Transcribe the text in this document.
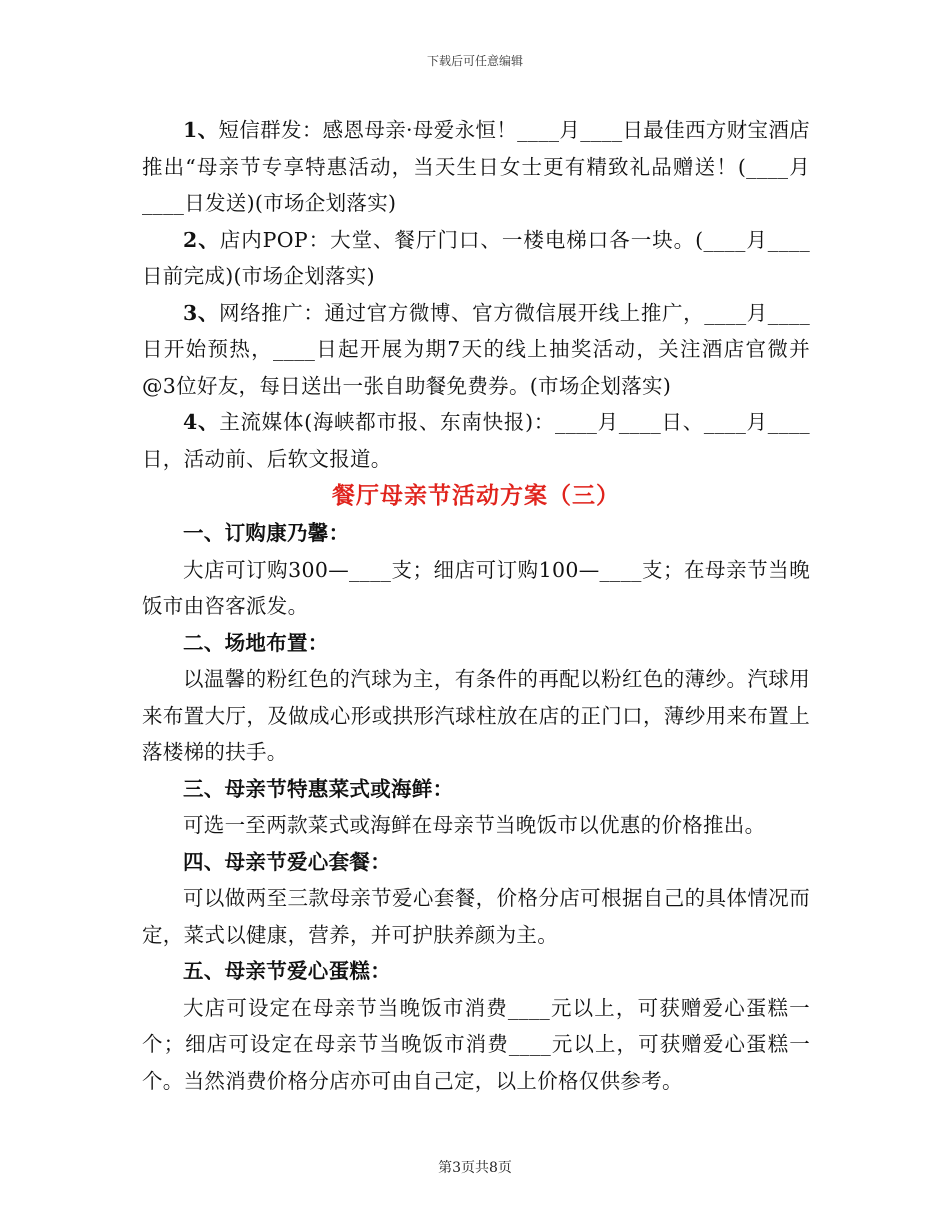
下载后可任意编辑

1、短信群发：感恩母亲·母爱永恒！____月____日最佳西方财宝酒店推出“母亲节专享特惠活动，当天生日女士更有精致礼品赠送！(____月____日发送)(市场企划落实)

2、店内POP：大堂、餐厅门口、一楼电梯口各一块。(____月____日前完成)(市场企划落实)

3、网络推广：通过官方微博、官方微信展开线上推广，____月____日开始预热，____日起开展为期7天的线上抽奖活动，关注酒店官微并@3位好友，每日送出一张自助餐免费券。(市场企划落实)

4、主流媒体(海峡都市报、东南快报)：____月____日、____月____日，活动前、后软文报道。

餐厅母亲节活动方案（三）

一、订购康乃馨：

大店可订购300—____支；细店可订购100—____支；在母亲节当晚饭市由咨客派发。

二、场地布置：

以温馨的粉红色的汽球为主，有条件的再配以粉红色的薄纱。汽球用来布置大厅，及做成心形或拱形汽球柱放在店的正门口，薄纱用来布置上落楼梯的扶手。

三、母亲节特惠菜式或海鲜：

可选一至两款菜式或海鲜在母亲节当晚饭市以优惠的价格推出。

四、母亲节爱心套餐：

可以做两至三款母亲节爱心套餐，价格分店可根据自己的具体情况而定，菜式以健康，营养，并可护肤养颜为主。

五、母亲节爱心蛋糕：

大店可设定在母亲节当晚饭市消费____元以上，可获赠爱心蛋糕一个；细店可设定在母亲节当晚饭市消费____元以上，可获赠爱心蛋糕一个。当然消费价格分店亦可由自己定，以上价格仅供参考。

第3页共8页
